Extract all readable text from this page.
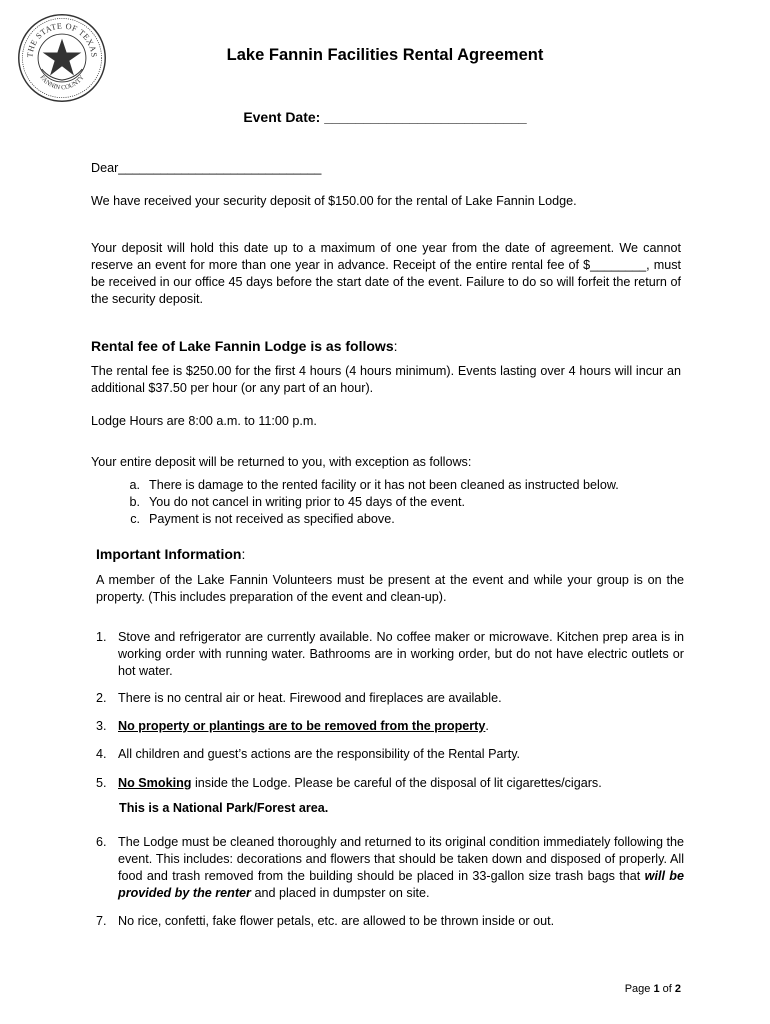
THE STATE OF TEXAS
FANNIN COUNTY
Lake Fannin Facilities Rental Agreement
Event Date: __________________________
Dear_____________________________
We have received your security deposit of $150.00 for the rental of Lake Fannin Lodge.
Your deposit will hold this date up to a maximum of one year from the date of agreement. We cannot reserve an event for more than one year in advance. Receipt of the entire rental fee of $________, must be received in our office 45 days before the start date of the event. Failure to do so will forfeit the return of the security deposit.
Rental fee of Lake Fannin Lodge is as follows:
The rental fee is $250.00 for the first 4 hours (4 hours minimum). Events lasting over 4 hours will incur an additional $37.50 per hour (or any part of an hour).
Lodge Hours are 8:00 a.m. to 11:00 p.m.
Your entire deposit will be returned to you, with exception as follows:
a. There is damage to the rented facility or it has not been cleaned as instructed below.
b. You do not cancel in writing prior to 45 days of the event.
c. Payment is not received as specified above.
Important Information:
A member of the Lake Fannin Volunteers must be present at the event and while your group is on the property. (This includes preparation of the event and clean-up).
1. Stove and refrigerator are currently available. No coffee maker or microwave. Kitchen prep area is in working order with running water. Bathrooms are in working order, but do not have electric outlets or hot water.
2. There is no central air or heat. Firewood and fireplaces are available.
3. No property or plantings are to be removed from the property.
4. All children and guest’s actions are the responsibility of the Rental Party.
5. No Smoking inside the Lodge. Please be careful of the disposal of lit cigarettes/cigars.
This is a National Park/Forest area.
6. The Lodge must be cleaned thoroughly and returned to its original condition immediately following the event. This includes: decorations and flowers that should be taken down and disposed of properly. All food and trash removed from the building should be placed in 33-gallon size trash bags that will be provided by the renter and placed in dumpster on site.
7. No rice, confetti, fake flower petals, etc. are allowed to be thrown inside or out.
Page 1 of 2
